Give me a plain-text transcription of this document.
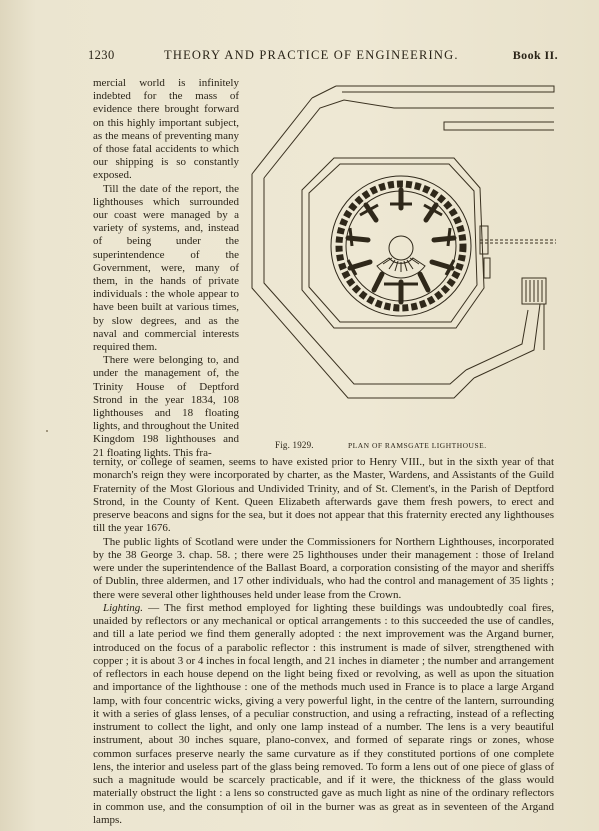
1230	THEORY AND PRACTICE OF ENGINEERING.	Book II.

mercial world is infinitely indebted for the mass of evidence there brought forward on this highly important subject, as the means of preventing many of those fatal accidents to which our shipping is so constantly exposed.

Till the date of the report, the lighthouses which surrounded our coast were managed by a variety of systems, and, instead of being under the superintendence of the Government, were, many of them, in the hands of private individuals : the whole appear to have been built at various times, by slow degrees, and as the naval and commercial interests required them.

There were belonging to, and under the management of, the Trinity House of Deptford Strond in the year 1834, 108 lighthouses and 18 floating lights, and throughout the United Kingdom 198 lighthouses and 21 floating lights. This fra-

Fig. 1929.	PLAN OF RAMSGATE LIGHTHOUSE.

ternity, or college of seamen, seems to have existed prior to Henry VIII., but in the sixth year of that monarch's reign they were incorporated by charter, as the Master, Wardens, and Assistants of the Guild Fraternity of the Most Glorious and Undivided Trinity, and of St. Clement's, in the Parish of Deptford Strond, in the County of Kent. Queen Elizabeth afterwards gave them fresh powers, to erect and preserve beacons and signs for the sea, but it does not appear that this fraternity erected any lighthouses till the year 1676.

The public lights of Scotland were under the Commissioners for Northern Lighthouses, incorporated by the 38 George 3. chap. 58. ; there were 25 lighthouses under their management : those of Ireland were under the superintendence of the Ballast Board, a corporation consisting of the mayor and sheriffs of Dublin, three aldermen, and 17 other individuals, who had the control and management of 35 lights ; there were several other lighthouses held under lease from the Crown.

Lighting. — The first method employed for lighting these buildings was undoubtedly coal fires, unaided by reflectors or any mechanical or optical arrangements : to this succeeded the use of candles, and till a late period we find them generally adopted : the next improvement was the Argand burner, introduced on the focus of a parabolic reflector : this instrument is made of silver, strengthened with copper ; it is about 3 or 4 inches in focal length, and 21 inches in diameter ; the number and arrangement of reflectors in each house depend on the light being fixed or revolving, as well as upon the situation and importance of the lighthouse : one of the methods much used in France is to place a large Argand lamp, with four concentric wicks, giving a very powerful light, in the centre of the lantern, surrounding it with a series of glass lenses, of a peculiar construction, and using a refracting, instead of a reflecting instrument to collect the light, and only one lamp instead of a number. The lens is a very beautiful instrument, about 30 inches square, plano-convex, and formed of separate rings or zones, whose common surfaces preserve nearly the same curvature as if they constituted portions of one complete lens, the interior and useless part of the glass being removed. To form a lens out of one piece of glass of such a magnitude would be scarcely practicable, and if it were, the thickness of the glass would materially obstruct the light : a lens so constructed gave as much light as nine of the ordinary reflectors in common use, and the consumption of oil in the burner was as great as in seventeen of the Argand lamps.
